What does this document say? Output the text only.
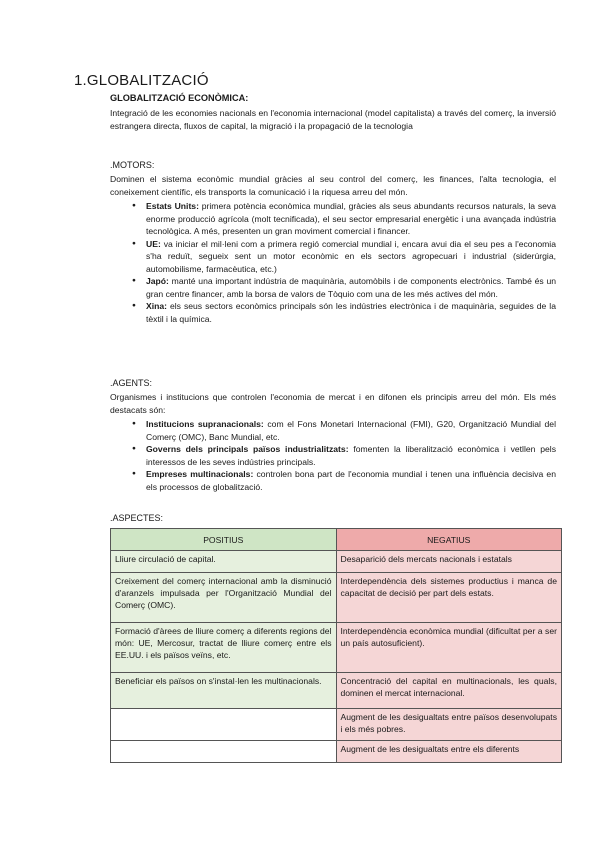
1.GLOBALITZACIÓ
GLOBALITZACIÓ ECONÒMICA:
Integració de les economies nacionals en l'economia internacional (model capitalista) a través del comerç, la inversió estrangera directa, fluxos de capital, la migració i la propagació de la tecnologia
.MOTORS:
Dominen el sistema econòmic mundial gràcies al seu control del comerç, les finances, l'alta tecnologia, el coneixement científic, els transports la comunicació i la riquesa arreu del món.
● Estats Units: primera potència econòmica mundial, gràcies als seus abundants recursos naturals, la seva enorme producció agrícola (molt tecnificada), el seu sector empresarial energètic i una avançada indústria tecnològica. A més, presenten un gran moviment comercial i financer.
● UE: va iniciar el mil·leni com a primera regió comercial mundial i, encara avui dia el seu pes a l'economia s'ha reduït, segueix sent un motor econòmic en els sectors agropecuari i industrial (siderúrgia, automobilisme, farmacèutica, etc.)
● Japó: manté una important indústria de maquinària, automòbils i de components electrònics. També és un gran centre financer, amb la borsa de valors de Tòquio com una de les més actives del món.
● Xina: els seus sectors econòmics principals són les indústries electrònica i de maquinària, seguides de la tèxtil i la química.
.AGENTS:
Organismes i institucions que controlen l'economia de mercat i en difonen els principis arreu del món. Els més destacats són:
● Institucions supranacionals: com el Fons Monetari Internacional (FMI), G20, Organització Mundial del Comerç (OMC), Banc Mundial, etc.
● Governs dels principals països industrialitzats: fomenten la liberalització econòmica i vetllen pels interessos de les seves indústries principals.
● Empreses multinacionals: controlen bona part de l'economia mundial i tenen una influència decisiva en els processos de globalització.
.ASPECTES:
POSITIUS	NEGATIUS
Lliure circulació de capital.	Desaparició dels mercats nacionals i estatals
Creixement del comerç internacional amb la disminució d'aranzels impulsada per l'Organització Mundial del Comerç (OMC).	Interdependència dels sistemes productius i manca de capacitat de decisió per part dels estats.
Formació d'àrees de lliure comerç a diferents regions del món: UE, Mercosur, tractat de lliure comerç entre els EE.UU. i els països veïns, etc.	Interdependència econòmica mundial (dificultat per a ser un país autosuficient).
Beneficiar els països on s'instal·len les multinacionals.	Concentració del capital en multinacionals, les quals, dominen el mercat internacional.
	Augment de les desigualtats entre països desenvolupats i els més pobres.
	Augment de les desigualtats entre els diferents
